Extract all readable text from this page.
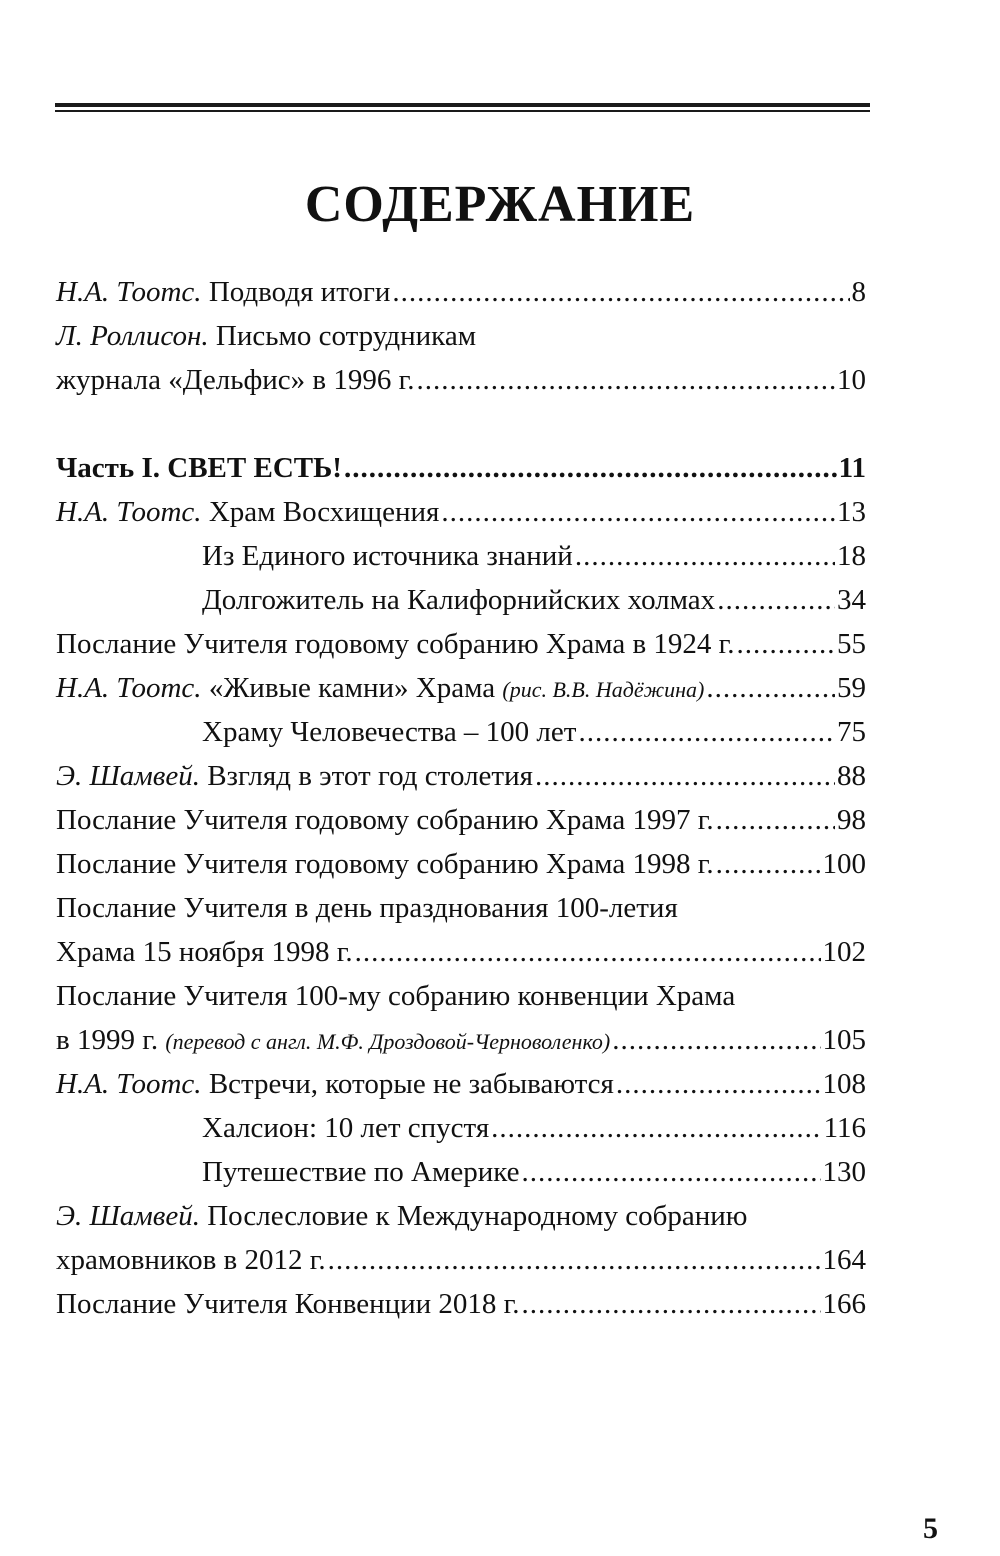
СОДЕРЖАНИЕ
Н.А. Тоотс. Подводя итоги .....	8
Л. Роллисон. Письмо сотрудникам
журнала «Дельфис» в 1996 г. .....	10
Часть I. СВЕТ ЕСТЬ! .....	11
Н.А. Тоотс. Храм Восхищения .....	13
Из Единого источника знаний .....	18
Долгожитель на Калифорнийских холмах .....	34
Послание Учителя годовому собранию Храма в 1924 г. .....	55
Н.А. Тоотс. «Живые камни» Храма (рис. В.В. Надёжина) .....	59
Храму Человечества – 100 лет .....	75
Э. Шамвей. Взгляд в этот год столетия .....	88
Послание Учителя годовому собранию Храма 1997 г. .....	98
Послание Учителя годовому собранию Храма 1998 г. .....	100
Послание Учителя в день празднования 100-летия
Храма 15 ноября 1998 г. .....	102
Послание Учителя 100-му собранию конвенции Храма
в 1999 г. (перевод с англ. М.Ф. Дроздовой-Черноволенко) .....	105
Н.А. Тоотс. Встречи, которые не забываются .....	108
Халсион: 10 лет спустя .....	116
Путешествие по Америке .....	130
Э. Шамвей. Послесловие к Международному собранию
храмовников в 2012 г. .....	164
Послание Учителя Конвенции 2018 г. .....	166
5
